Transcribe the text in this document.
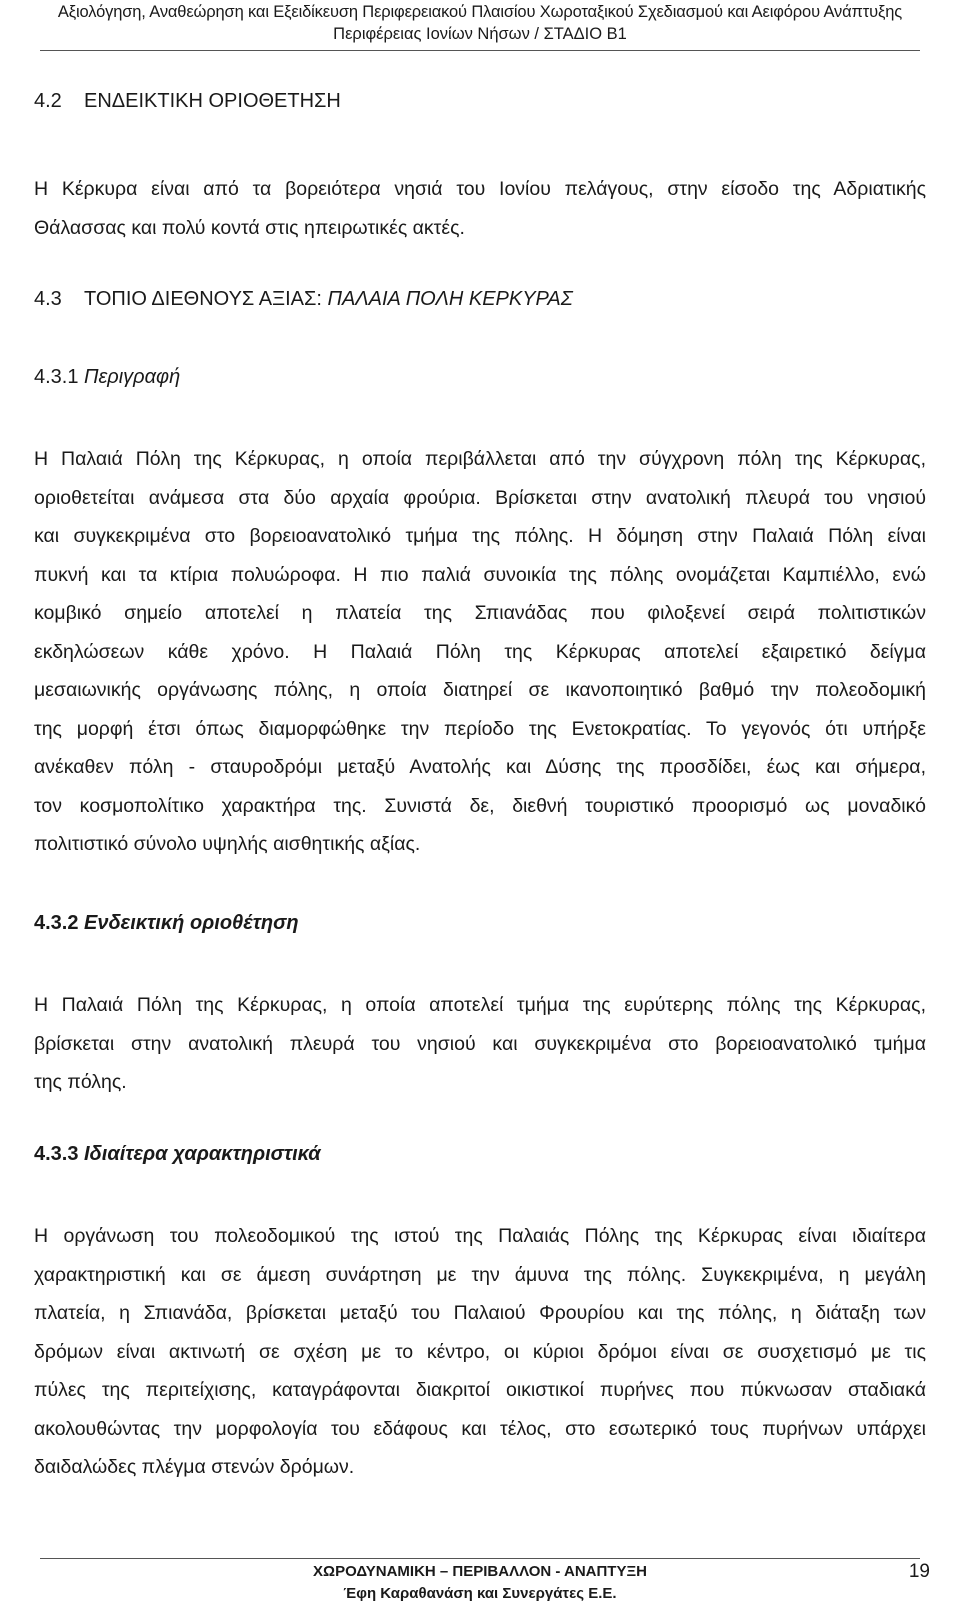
Αξιολόγηση, Αναθεώρηση και Εξειδίκευση Περιφερειακού Πλαισίου Χωροταξικού Σχεδιασμού και Αειφόρου Ανάπτυξης
Περιφέρειας Ιονίων Νήσων / ΣΤΑΔΙΟ Β1
4.2 ΕΝΔΕΙΚΤΙΚΗ ΟΡΙΟΘΕΤΗΣΗ
Η Κέρκυρα είναι από τα βορειότερα νησιά του Ιονίου πελάγους, στην είσοδο της Αδριατικής
Θάλασσας και πολύ κοντά στις ηπειρωτικές ακτές.
4.3 ΤΟΠΙΟ ΔΙΕΘΝΟΥΣ ΑΞΙΑΣ: ΠΑΛΑΙΑ ΠΟΛΗ ΚΕΡΚΥΡΑΣ
4.3.1 Περιγραφή
Η Παλαιά Πόλη της Κέρκυρας, η οποία περιβάλλεται από την σύγχρονη πόλη της Κέρκυρας,
οριοθετείται ανάμεσα στα δύο αρχαία φρούρια. Βρίσκεται στην ανατολική πλευρά του νησιού
και συγκεκριμένα στο βορειοανατολικό τμήμα της πόλης. Η δόμηση στην Παλαιά Πόλη είναι
πυκνή και τα κτίρια πολυώροφα. Η πιο παλιά συνοικία της πόλης ονομάζεται Καμπιέλλο, ενώ
κομβικό σημείο αποτελεί η πλατεία της Σπιανάδας που φιλοξενεί σειρά πολιτιστικών
εκδηλώσεων κάθε χρόνο. Η Παλαιά Πόλη της Κέρκυρας αποτελεί εξαιρετικό δείγμα
μεσαιωνικής οργάνωσης πόλης, η οποία διατηρεί σε ικανοποιητικό βαθμό την πολεοδομική
της μορφή έτσι όπως διαμορφώθηκε την περίοδο της Ενετοκρατίας. Το γεγονός ότι υπήρξε
ανέκαθεν πόλη - σταυροδρόμι μεταξύ Ανατολής και Δύσης της προσδίδει, έως και σήμερα,
τον κοσμοπολίτικο χαρακτήρα της. Συνιστά δε, διεθνή τουριστικό προορισμό ως μοναδικό
πολιτιστικό σύνολο υψηλής αισθητικής αξίας.
4.3.2 Ενδεικτική οριοθέτηση
Η Παλαιά Πόλη της Κέρκυρας, η οποία αποτελεί τμήμα της ευρύτερης πόλης της Κέρκυρας,
βρίσκεται στην ανατολική πλευρά του νησιού και συγκεκριμένα στο βορειοανατολικό τμήμα
της πόλης.
4.3.3 Ιδιαίτερα χαρακτηριστικά
Η οργάνωση του πολεοδομικού της ιστού της Παλαιάς Πόλης της Κέρκυρας είναι ιδιαίτερα
χαρακτηριστική και σε άμεση συνάρτηση με την άμυνα της πόλης. Συγκεκριμένα, η μεγάλη
πλατεία, η Σπιανάδα, βρίσκεται μεταξύ του Παλαιού Φρουρίου και της πόλης, η διάταξη των
δρόμων είναι ακτινωτή σε σχέση με το κέντρο, οι κύριοι δρόμοι είναι σε συσχετισμό με τις
πύλες της περιτείχισης, καταγράφονται διακριτοί οικιστικοί πυρήνες που πύκνωσαν σταδιακά
ακολουθώντας την μορφολογία του εδάφους και τέλος, στο εσωτερικό τους πυρήνων υπάρχει
δαιδαλώδες πλέγμα στενών δρόμων.
ΧΩΡΟΔΥΝΑΜΙΚΗ – ΠΕΡΙΒΑΛΛΟΝ - ΑΝΑΠΤΥΞΗ
Έφη Καραθανάση και Συνεργάτες Ε.Ε.
19
